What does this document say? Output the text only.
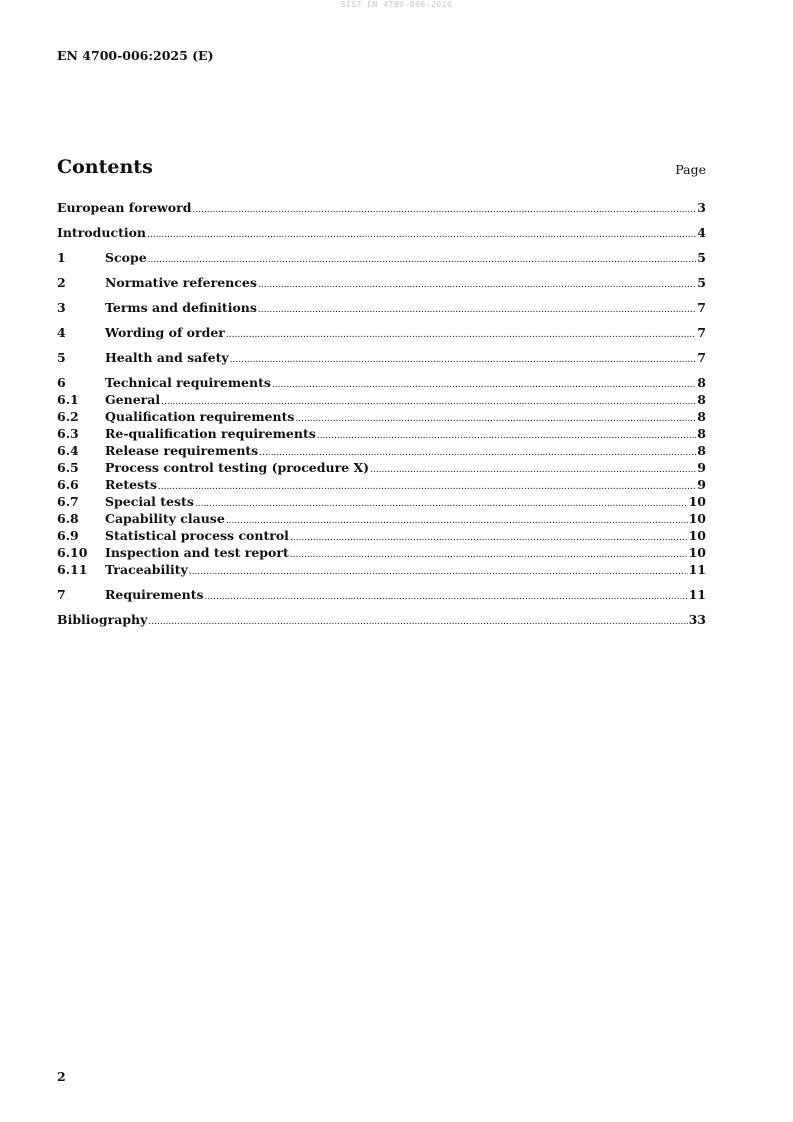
SIST EN 4700-006:2026
EN 4700-006:2025 (E)
Contents	Page
European foreword .....	3
Introduction .....	4
1	Scope .....	5
2	Normative references .....	5
3	Terms and definitions .....	7
4	Wording of order .....	7
5	Health and safety .....	7
6	Technical requirements .....	8
6.1	General .....	8
6.2	Qualification requirements .....	8
6.3	Re-qualification requirements .....	8
6.4	Release requirements .....	8
6.5	Process control testing (procedure X) .....	9
6.6	Retests .....	9
6.7	Special tests .....	10
6.8	Capability clause .....	10
6.9	Statistical process control .....	10
6.10	Inspection and test report .....	10
6.11	Traceability .....	11
7	Requirements .....	11
Bibliography .....	33
2
